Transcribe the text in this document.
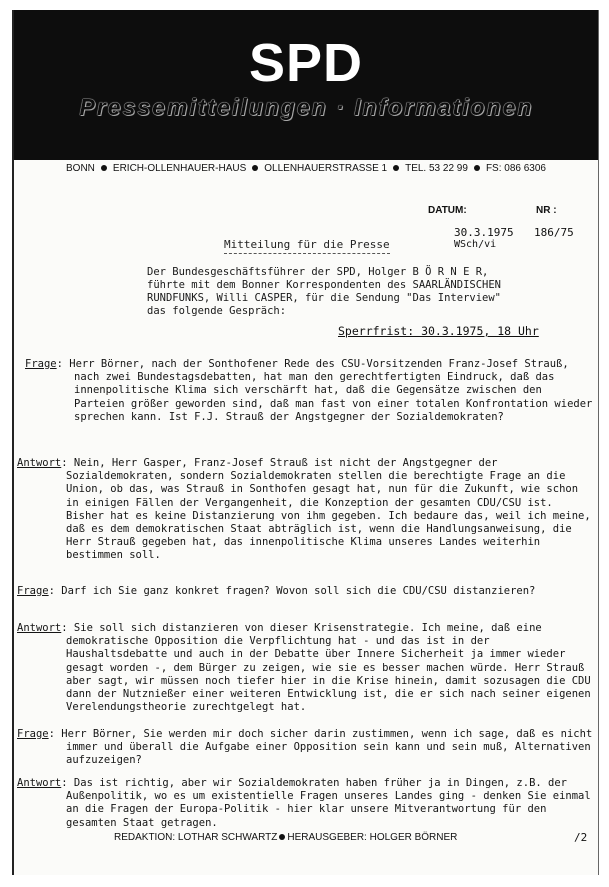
SPD
Pressemitteilungen · Informationen
BONN ERICH-OLLENHAUER-HAUS OLLENHAUERSTRASSE 1 TEL. 53 22 99 FS: 086 6306
DATUM:	NR :
30.3.1975 186/75
WSch/vi
Mitteilung für die Presse
Der Bundesgeschäftsführer der SPD, Holger B Ö R N E R,
führte mit dem Bonner Korrespondenten des SAARLÄNDISCHEN
RUNDFUNKS, Willi CASPER, für die Sendung "Das Interview"
das folgende Gespräch:
Sperrfrist: 30.3.1975, 18 Uhr

Frage: Herr Börner, nach der Sonthofener Rede des CSU-Vorsitzenden Franz-Josef Strauß, nach zwei Bundestagsdebatten, hat man den gerechtfertigten Eindruck, daß das innenpolitische Klima sich verschärft hat, daß die Gegensätze zwischen den Parteien größer geworden sind, daß man fast von einer totalen Konfrontation wieder sprechen kann. Ist F.J. Strauß der Angstgegner der Sozialdemokraten?

Antwort: Nein, Herr Gasper, Franz-Josef Strauß ist nicht der Angstgegner der Sozialdemokraten, sondern Sozialdemokraten stellen die berechtigte Frage an die Union, ob das, was Strauß in Sonthofen gesagt hat, nun für die Zukunft, wie schon in einigen Fällen der Vergangenheit, die Konzeption der gesamten CDU/CSU ist. Bisher hat es keine Distanzierung von ihm gegeben. Ich bedaure das, weil ich meine, daß es dem demokratischen Staat abträglich ist, wenn die Handlungsanweisung, die Herr Strauß gegeben hat, das innenpolitische Klima unseres Landes weiterhin bestimmen soll.

Frage: Darf ich Sie ganz konkret fragen? Wovon soll sich die CDU/CSU distanzieren?

Antwort: Sie soll sich distanzieren von dieser Krisenstrategie. Ich meine, daß eine demokratische Opposition die Verpflichtung hat - und das ist in der Haushaltsdebatte und auch in der Debatte über Innere Sicherheit ja immer wieder gesagt worden -, dem Bürger zu zeigen, wie sie es besser machen würde. Herr Strauß aber sagt, wir müssen noch tiefer hier in die Krise hinein, damit sozusagen die CDU dann der Nutznießer einer weiteren Entwicklung ist, die er sich nach seiner eigenen Verelendungstheorie zurechtgelegt hat.

Frage: Herr Börner, Sie werden mir doch sicher darin zustimmen, wenn ich sage, daß es nicht immer und überall die Aufgabe einer Opposition sein kann und sein muß, Alternativen aufzuzeigen?

Antwort: Das ist richtig, aber wir Sozialdemokraten haben früher ja in Dingen, z.B. der Außenpolitik, wo es um existentielle Fragen unseres Landes ging - denken Sie einmal an die Fragen der Europa-Politik - hier klar unsere Mitverantwortung für den gesamten Staat getragen.

REDAKTION: LOTHAR SCHWARTZ HERAUSGEBER: HOLGER BÖRNER	/2
